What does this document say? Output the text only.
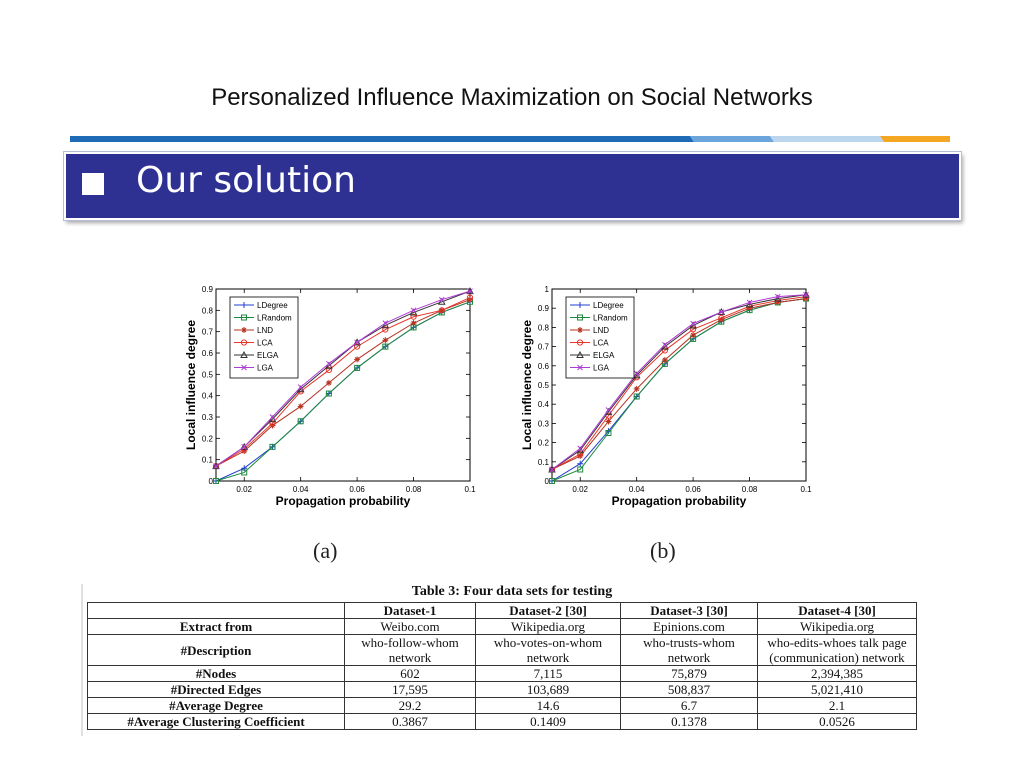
Personalized Influence Maximization on Social Networks
Our solution
0.02	0.04	0.06	0.08	0.1
0
0.1
0.2
0.3
0.4
0.5
0.6
0.7
0.8
0.9
Propagation probability
Local influence degree
LDegree
LRandom
LND
LCA
ELGA
LGA
0.02	0.04	0.06	0.08	0.1
0
0.1
0.2
0.3
0.4
0.5
0.6
0.7
0.8
0.9
1
Propagation probability
Local influence degree
LDegree
LRandom
LND
LCA
ELGA
LGA
(a)	(b)
Table 3: Four data sets for testing
	Dataset-1	Dataset-2 [30]	Dataset-3 [30]	Dataset-4 [30]
Extract from	Weibo.com	Wikipedia.org	Epinions.com	Wikipedia.org
#Description	who-follow-whom network	who-votes-on-whom network	who-trusts-whom network	who-edits-whoes talk page (communication) network
#Nodes	602	7,115	75,879	2,394,385
#Directed Edges	17,595	103,689	508,837	5,021,410
#Average Degree	29.2	14.6	6.7	2.1
#Average Clustering Coefficient	0.3867	0.1409	0.1378	0.0526
